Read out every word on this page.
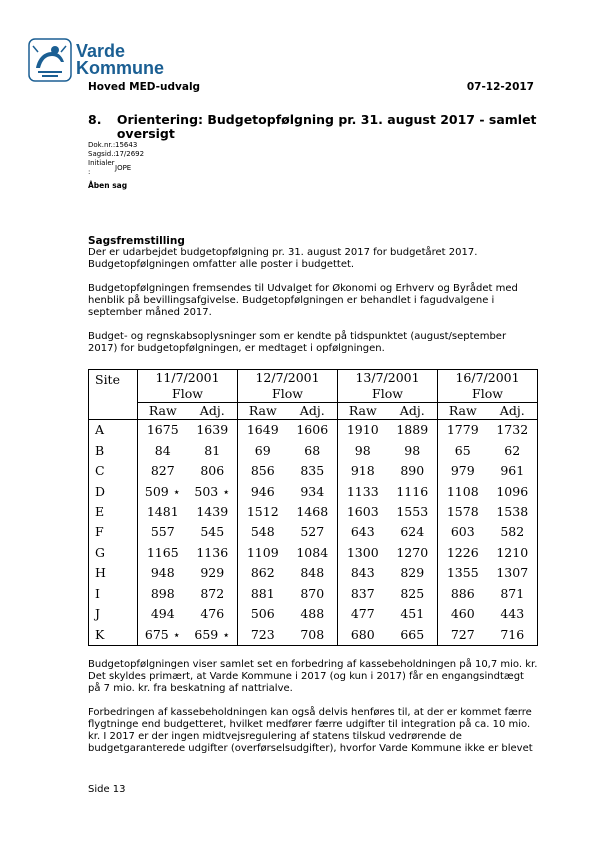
Varde
Kommune
Hoved MED-udvalg	07-12-2017
8.	Orientering: Budgetopfølgning pr. 31. august 2017 - samlet oversigt
Dok.nr.: 15643
Sagsid.: 17/2692
Initialer
:	JOPE
Åben sag
Sagsfremstilling

Der er udarbejdet budgetopfølgning pr. 31. august 2017 for budgetåret 2017. Budgetopfølgningen omfatter alle poster i budgettet.

Budgetopfølgningen fremsendes til Udvalget for Økonomi og Erhverv og Byrådet med henblik på bevillingsafgivelse. Budgetopfølgningen er behandlet i fagudvalgene i september måned 2017.

Budget- og regnskabsoplysninger som er kendte på tidspunktet (august/september 2017) for budgetopfølgningen, er medtaget i opfølgningen.

Site	11/7/2001		12/7/2001		13/7/2001		16/7/2001	
	Flow		Flow		Flow		Flow	
	Raw	Adj.	Raw	Adj.	Raw	Adj.	Raw	Adj.
A	1675	1639	1649	1606	1910	1889	1779	1732
B	84	81	69	68	98	98	65	62
C	827	806	856	835	918	890	979	961
D	509 ⋆	503 ⋆	946	934	1133	1116	1108	1096
E	1481	1439	1512	1468	1603	1553	1578	1538
F	557	545	548	527	643	624	603	582
G	1165	1136	1109	1084	1300	1270	1226	1210
H	948	929	862	848	843	829	1355	1307
I	898	872	881	870	837	825	886	871
J	494	476	506	488	477	451	460	443
K	675 ⋆	659 ⋆	723	708	680	665	727	716

Budgetopfølgningen viser samlet set en forbedring af kassebeholdningen på 10,7 mio. kr. Det skyldes primært, at Varde Kommune i 2017 (og kun i 2017) får en engangsindtægt på 7 mio. kr. fra beskatning af nattrialve.

Forbedringen af kassebeholdningen kan også delvis henføres til, at der er kommet færre flygtninge end budgetteret, hvilket medfører færre udgifter til integration på ca. 10 mio. kr. I 2017 er der ingen midtvejsregulering af statens tilskud vedrørende de budgetgaranterede udgifter (overførselsudgifter), hvorfor Varde Kommune ikke er blevet

Side 13
